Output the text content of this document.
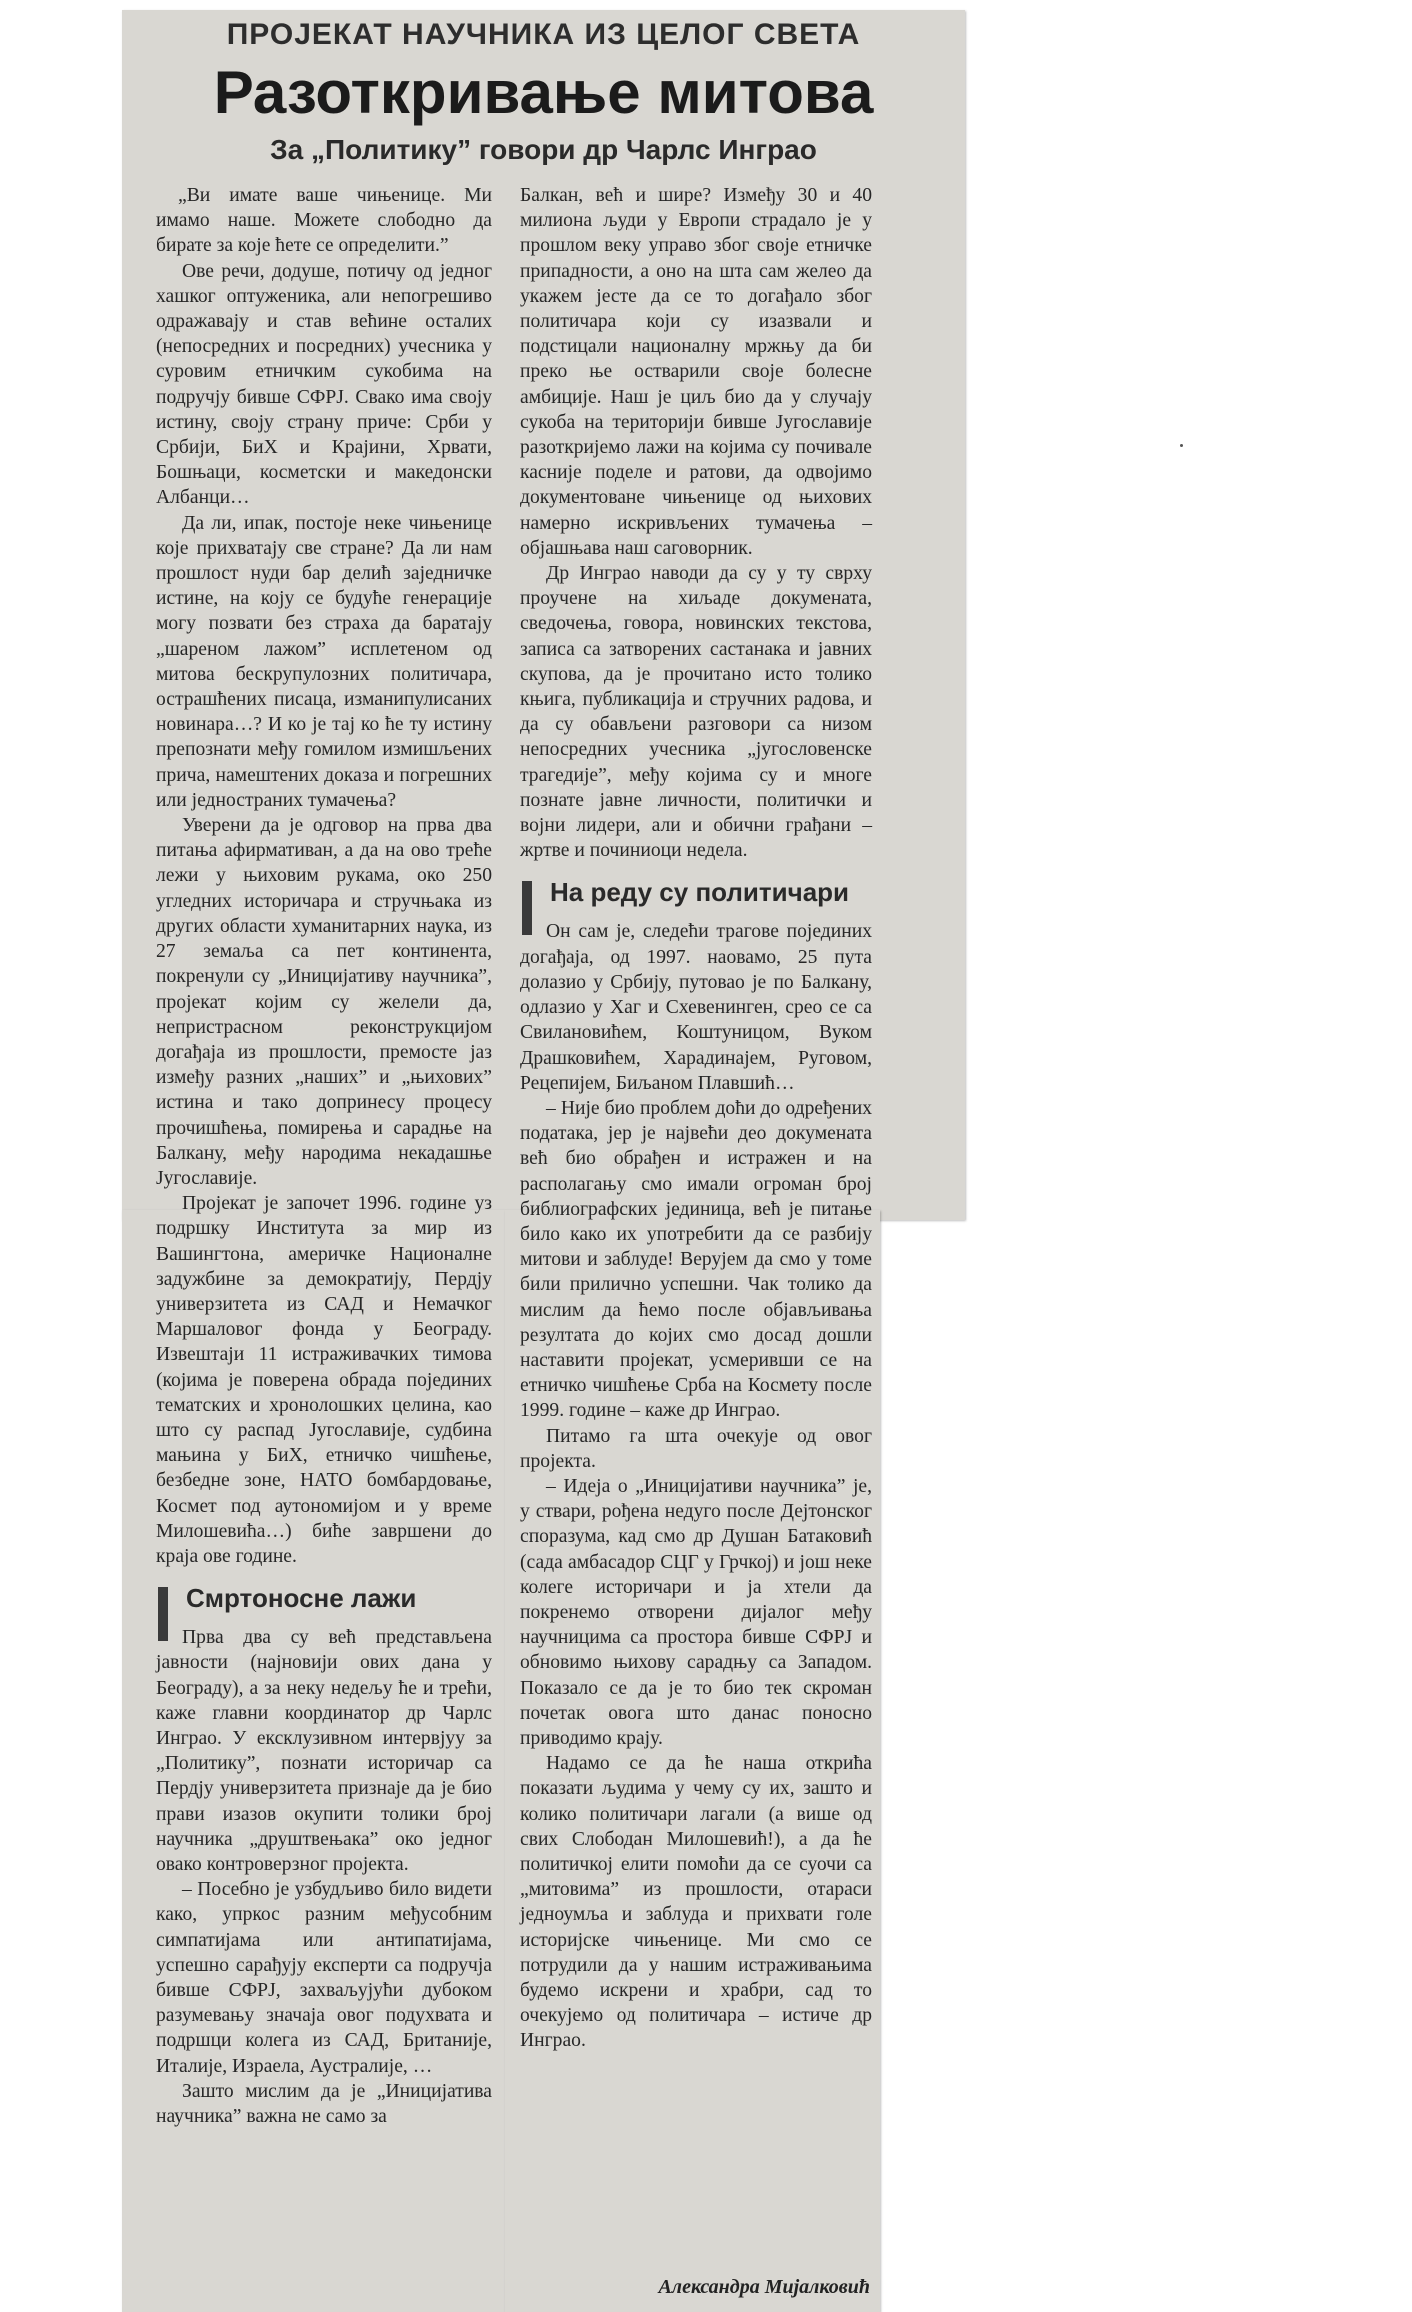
ПРОЈЕКАТ НАУЧНИКА ИЗ ЦЕЛОГ СВЕТА
Разоткривање митова
За „Политику” говори др Чарлс Инграо

„Ви имате ваше чињенице. Ми имамо наше. Можете слободно да бирате за које ћете се определити.”

Ове речи, додуше, потичу од једног хашког оптуженика, али непогрешиво одражавају и став већине осталих (непосредних и посредних) учесника у суровим етничким сукобима на подручју бивше СФРЈ. Свако има своју истину, своју страну приче: Срби у Србији, БиХ и Крајини, Хрвати, Бошњаци, косметски и македонски Албанци…

Да ли, ипак, постоје неке чињенице које прихватају све стране? Да ли нам прошлост нуди бар делић заједничке истине, на коју се будуће генерације могу позвати без страха да баратају „шареном лажом” исплетеном од митова бескрупулозних политичара, острашћених писаца, изманипулисаних новинара…? И ко је тај ко ће ту истину препознати међу гомилом измишљених прича, намештених доказа и погрешних или једностраних тумачења?

Уверени да је одговор на прва два питања афирмативан, а да на ово треће лежи у њиховим рукама, око 250 угледних историчара и стручњака из других области хуманитарних наука, из 27 земаља са пет континента, покренули су „Иницијативу научника”, пројекат којим су желели да, непристрасном реконструкцијом догађаја из прошлости, премосте јаз између разних „наших” и „њихових” истина и тако допринесу процесу прочишћења, помирења и сарадње на Балкану, међу народима некадашње Југославије.

Пројекат је започет 1996. године уз подршку Института за мир из Вашингтона, америчке Националне задужбине за демократију, Пердју универзитета из САД и Немачког Маршаловог фонда у Београду. Извештаји 11 истраживачких тимова (којима је поверена обрада појединих тематских и хронолошких целина, као што су распад Југославије, судбина мањина у БиХ, етничко чишћење, безбедне зоне, НАТО бомбардовање, Космет под аутономијом и у време Милошевића…) биће завршени до краја ове године.

Смртоносне лажи

Прва два су већ представљена јавности (најновији ових дана у Београду), а за неку недељу ће и трећи, каже главни координатор др Чарлс Инграо. У ексклузивном интервјуу за „Политику”, познати историчар са Пердју универзитета признаје да је био прави изазов окупити толики број научника „друштвењака” око једног овако контроверзног пројекта.

– Посебно је узбудљиво било видети како, упркос разним међусобним симпатијама или антипатијама, успешно сарађују експерти са подручја бивше СФРЈ, захваљујући дубоком разумевању значаја овог подухвата и подршци колега из САД, Британије, Италије, Израела, Аустралије, …

Зашто мислим да је „Иницијатива научника” важна не само за

Балкан, већ и шире? Између 30 и 40 милиона људи у Европи страдало је у прошлом веку управо због своје етничке припадности, а оно на шта сам желео да укажем јесте да се то догађало због политичара који су изазвали и подстицали националну мржњу да би преко ње остварили своје болесне амбиције. Наш је циљ био да у случају сукоба на територији бивше Југославије разоткријемо лажи на којима су почивале касније поделе и ратови, да одвојимо документоване чињенице од њихових намерно искривљених тумачења – објашњава наш саговорник.

Др Инграо наводи да су у ту сврху проучене на хиљаде докумената, сведочења, говора, новинских текстова, записа са затворених састанака и јавних скупова, да је прочитано исто толико књига, публикација и стручних радова, и да су обављени разговори са низом непосредних учесника „југословенске трагедије”, међу којима су и многе познате јавне личности, политички и војни лидери, али и обични грађани – жртве и починиоци недела.

На реду су политичари

Он сам је, следећи трагове појединих догађаја, од 1997. наовамо, 25 пута долазио у Србију, путовао је по Балкану, одлазио у Хаг и Схевенинген, срео се са Свилановићем, Коштуницом, Вуком Драшковићем, Харадинајем, Руговом, Рецепијем, Биљаном Плавшић…

– Није био проблем доћи до одређених података, јер је највећи део докумената већ био обрађен и истражен и на располагању смо имали огроман број библиографских јединица, већ је питање било како их употребити да се разбију митови и заблуде! Верујем да смо у томе били прилично успешни. Чак толико да мислим да ћемо после објављивања резултата до којих смо досад дошли наставити пројекат, усмеривши се на етничко чишћење Срба на Космету после 1999. године – каже др Инграо.

Питамо га шта очекује од овог пројекта.

– Идеја о „Иницијативи научника” је, у ствари, рођена недуго после Дејтонског споразума, кад смо др Душан Батаковић (сада амбасадор СЦГ у Грчкој) и још неке колеге историчари и ја хтели да покренемо отворени дијалог међу научницима са простора бивше СФРЈ и обновимо њихову сарадњу са Западом. Показало се да је то био тек скроман почетак овога што данас поносно приводимо крају.

Надамо се да ће наша открића показати људима у чему су их, зашто и колико политичари лагали (а више од свих Слободан Милошевић!), а да ће политичкој елити помоћи да се суочи са „митовима” из прошлости, отараси једноумља и заблуда и прихвати голе историјске чињенице. Ми смо се потрудили да у нашим истраживањима будемо искрени и храбри, сад то очекујемо од политичара – истиче др Инграо.

Александра Мијалковић
